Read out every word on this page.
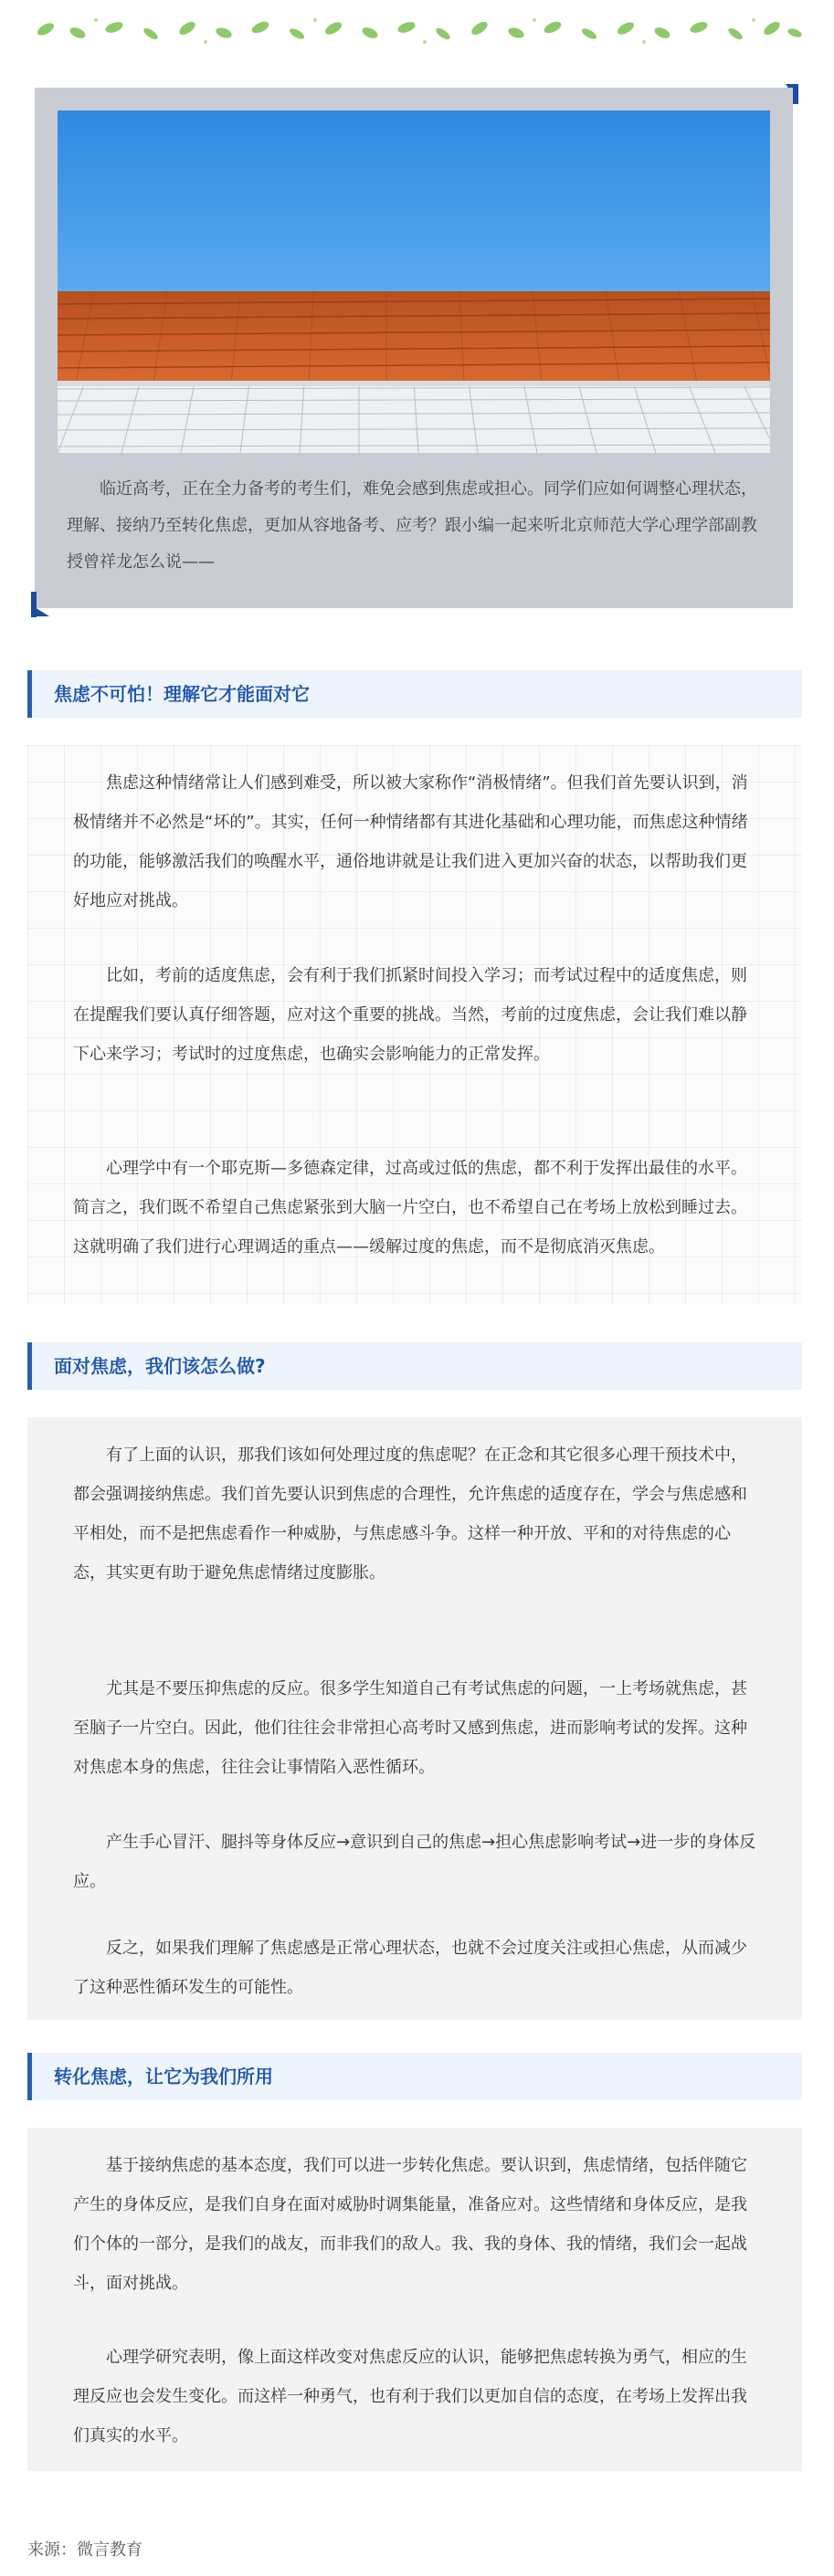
临近高考，正在全力备考的考生们，难免会感到焦虑或担心。同学们应如何调整心理状态，理解、接纳乃至转化焦虑，更加从容地备考、应考？跟小编一起来听北京师范大学心理学部副教授曾祥龙怎么说——

焦虑不可怕！理解它才能面对它

焦虑这种情绪常让人们感到难受，所以被大家称作“消极情绪”。但我们首先要认识到，消极情绪并不必然是“坏的”。其实，任何一种情绪都有其进化基础和心理功能，而焦虑这种情绪的功能，能够激活我们的唤醒水平，通俗地讲就是让我们进入更加兴奋的状态，以帮助我们更好地应对挑战。

比如，考前的适度焦虑，会有利于我们抓紧时间投入学习；而考试过程中的适度焦虑，则在提醒我们要认真仔细答题，应对这个重要的挑战。当然，考前的过度焦虑，会让我们难以静下心来学习；考试时的过度焦虑，也确实会影响能力的正常发挥。

心理学中有一个耶克斯—多德森定律，过高或过低的焦虑，都不利于发挥出最佳的水平。简言之，我们既不希望自己焦虑紧张到大脑一片空白，也不希望自己在考场上放松到睡过去。这就明确了我们进行心理调适的重点——缓解过度的焦虑，而不是彻底消灭焦虑。

面对焦虑，我们该怎么做?

有了上面的认识，那我们该如何处理过度的焦虑呢？在正念和其它很多心理干预技术中，都会强调接纳焦虑。我们首先要认识到焦虑的合理性，允许焦虑的适度存在，学会与焦虑感和平相处，而不是把焦虑看作一种威胁，与焦虑感斗争。这样一种开放、平和的对待焦虑的心态，其实更有助于避免焦虑情绪过度膨胀。

尤其是不要压抑焦虑的反应。很多学生知道自己有考试焦虑的问题，一上考场就焦虑，甚至脑子一片空白。因此，他们往往会非常担心高考时又感到焦虑，进而影响考试的发挥。这种对焦虑本身的焦虑，往往会让事情陷入恶性循环。

产生手心冒汗、腿抖等身体反应→意识到自己的焦虑→担心焦虑影响考试→进一步的身体反应。

反之，如果我们理解了焦虑感是正常心理状态，也就不会过度关注或担心焦虑，从而减少了这种恶性循环发生的可能性。

转化焦虑，让它为我们所用

基于接纳焦虑的基本态度，我们可以进一步转化焦虑。要认识到，焦虑情绪，包括伴随它产生的身体反应，是我们自身在面对威胁时调集能量，准备应对。这些情绪和身体反应，是我们个体的一部分，是我们的战友，而非我们的敌人。我、我的身体、我的情绪，我们会一起战斗，面对挑战。

心理学研究表明，像上面这样改变对焦虑反应的认识，能够把焦虑转换为勇气，相应的生理反应也会发生变化。而这样一种勇气，也有利于我们以更加自信的态度，在考场上发挥出我们真实的水平。

来源：微言教育
